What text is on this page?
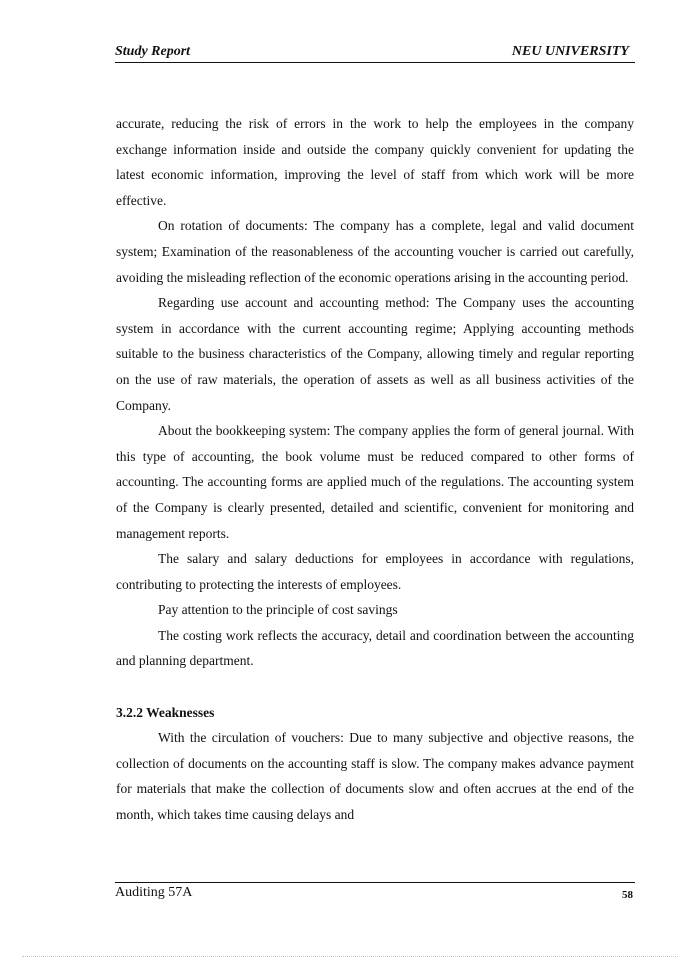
Study Report	NEU UNIVERSITY

accurate, reducing the risk of errors in the work to help the employees in the company exchange information inside and outside the company quickly convenient for updating the latest economic information, improving the level of staff from which work will be more effective.

On rotation of documents: The company has a complete, legal and valid document system; Examination of the reasonableness of the accounting voucher is carried out carefully, avoiding the misleading reflection of the economic operations arising in the accounting period.

Regarding use account and accounting method: The Company uses the accounting system in accordance with the current accounting regime; Applying accounting methods suitable to the business characteristics of the Company, allowing timely and regular reporting on the use of raw materials, the operation of assets as well as all business activities of the Company.

About the bookkeeping system: The company applies the form of general journal. With this type of accounting, the book volume must be reduced compared to other forms of accounting. The accounting forms are applied much of the regulations. The accounting system of the Company is clearly presented, detailed and scientific, convenient for monitoring and management reports.

The salary and salary deductions for employees in accordance with regulations, contributing to protecting the interests of employees.

Pay attention to the principle of cost savings

The costing work reflects the accuracy, detail and coordination between the accounting and planning department.

3.2.2 Weaknesses

With the circulation of vouchers: Due to many subjective and objective reasons, the collection of documents on the accounting staff is slow. The company makes advance payment for materials that make the collection of documents slow and often accrues at the end of the month, which takes time causing delays and

Auditing 57A	58
